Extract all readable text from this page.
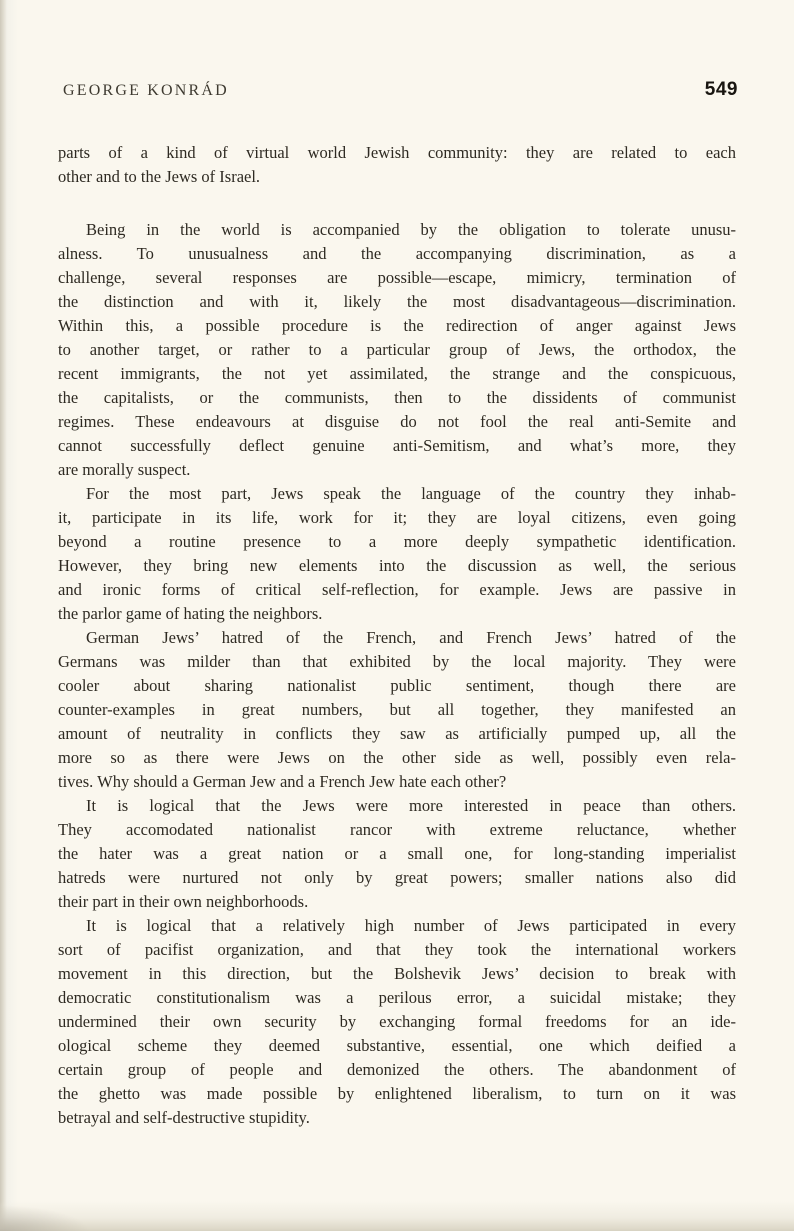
GEORGE KONRÁD	549

parts of a kind of virtual world Jewish community: they are related to each
other and to the Jews of Israel.

Being in the world is accompanied by the obligation to tolerate unusu-
alness. To unusualness and the accompanying discrimination, as a
challenge, several responses are possible—escape, mimicry, termination of
the distinction and with it, likely the most disadvantageous—discrimination.
Within this, a possible procedure is the redirection of anger against Jews
to another target, or rather to a particular group of Jews, the orthodox, the
recent immigrants, the not yet assimilated, the strange and the conspicuous,
the capitalists, or the communists, then to the dissidents of communist
regimes. These endeavours at disguise do not fool the real anti-Semite and
cannot successfully deflect genuine anti-Semitism, and what’s more, they
are morally suspect.

For the most part, Jews speak the language of the country they inhab-
it, participate in its life, work for it; they are loyal citizens, even going
beyond a routine presence to a more deeply sympathetic identification.
However, they bring new elements into the discussion as well, the serious
and ironic forms of critical self-reflection, for example. Jews are passive in
the parlor game of hating the neighbors.

German Jews’ hatred of the French, and French Jews’ hatred of the
Germans was milder than that exhibited by the local majority. They were
cooler about sharing nationalist public sentiment, though there are
counter-examples in great numbers, but all together, they manifested an
amount of neutrality in conflicts they saw as artificially pumped up, all the
more so as there were Jews on the other side as well, possibly even rela-
tives. Why should a German Jew and a French Jew hate each other?

It is logical that the Jews were more interested in peace than others.
They accomodated nationalist rancor with extreme reluctance, whether
the hater was a great nation or a small one, for long-standing imperialist
hatreds were nurtured not only by great powers; smaller nations also did
their part in their own neighborhoods.

It is logical that a relatively high number of Jews participated in every
sort of pacifist organization, and that they took the international workers
movement in this direction, but the Bolshevik Jews’ decision to break with
democratic constitutionalism was a perilous error, a suicidal mistake; they
undermined their own security by exchanging formal freedoms for an ide-
ological scheme they deemed substantive, essential, one which deified a
certain group of people and demonized the others. The abandonment of
the ghetto was made possible by enlightened liberalism, to turn on it was
betrayal and self-destructive stupidity.
